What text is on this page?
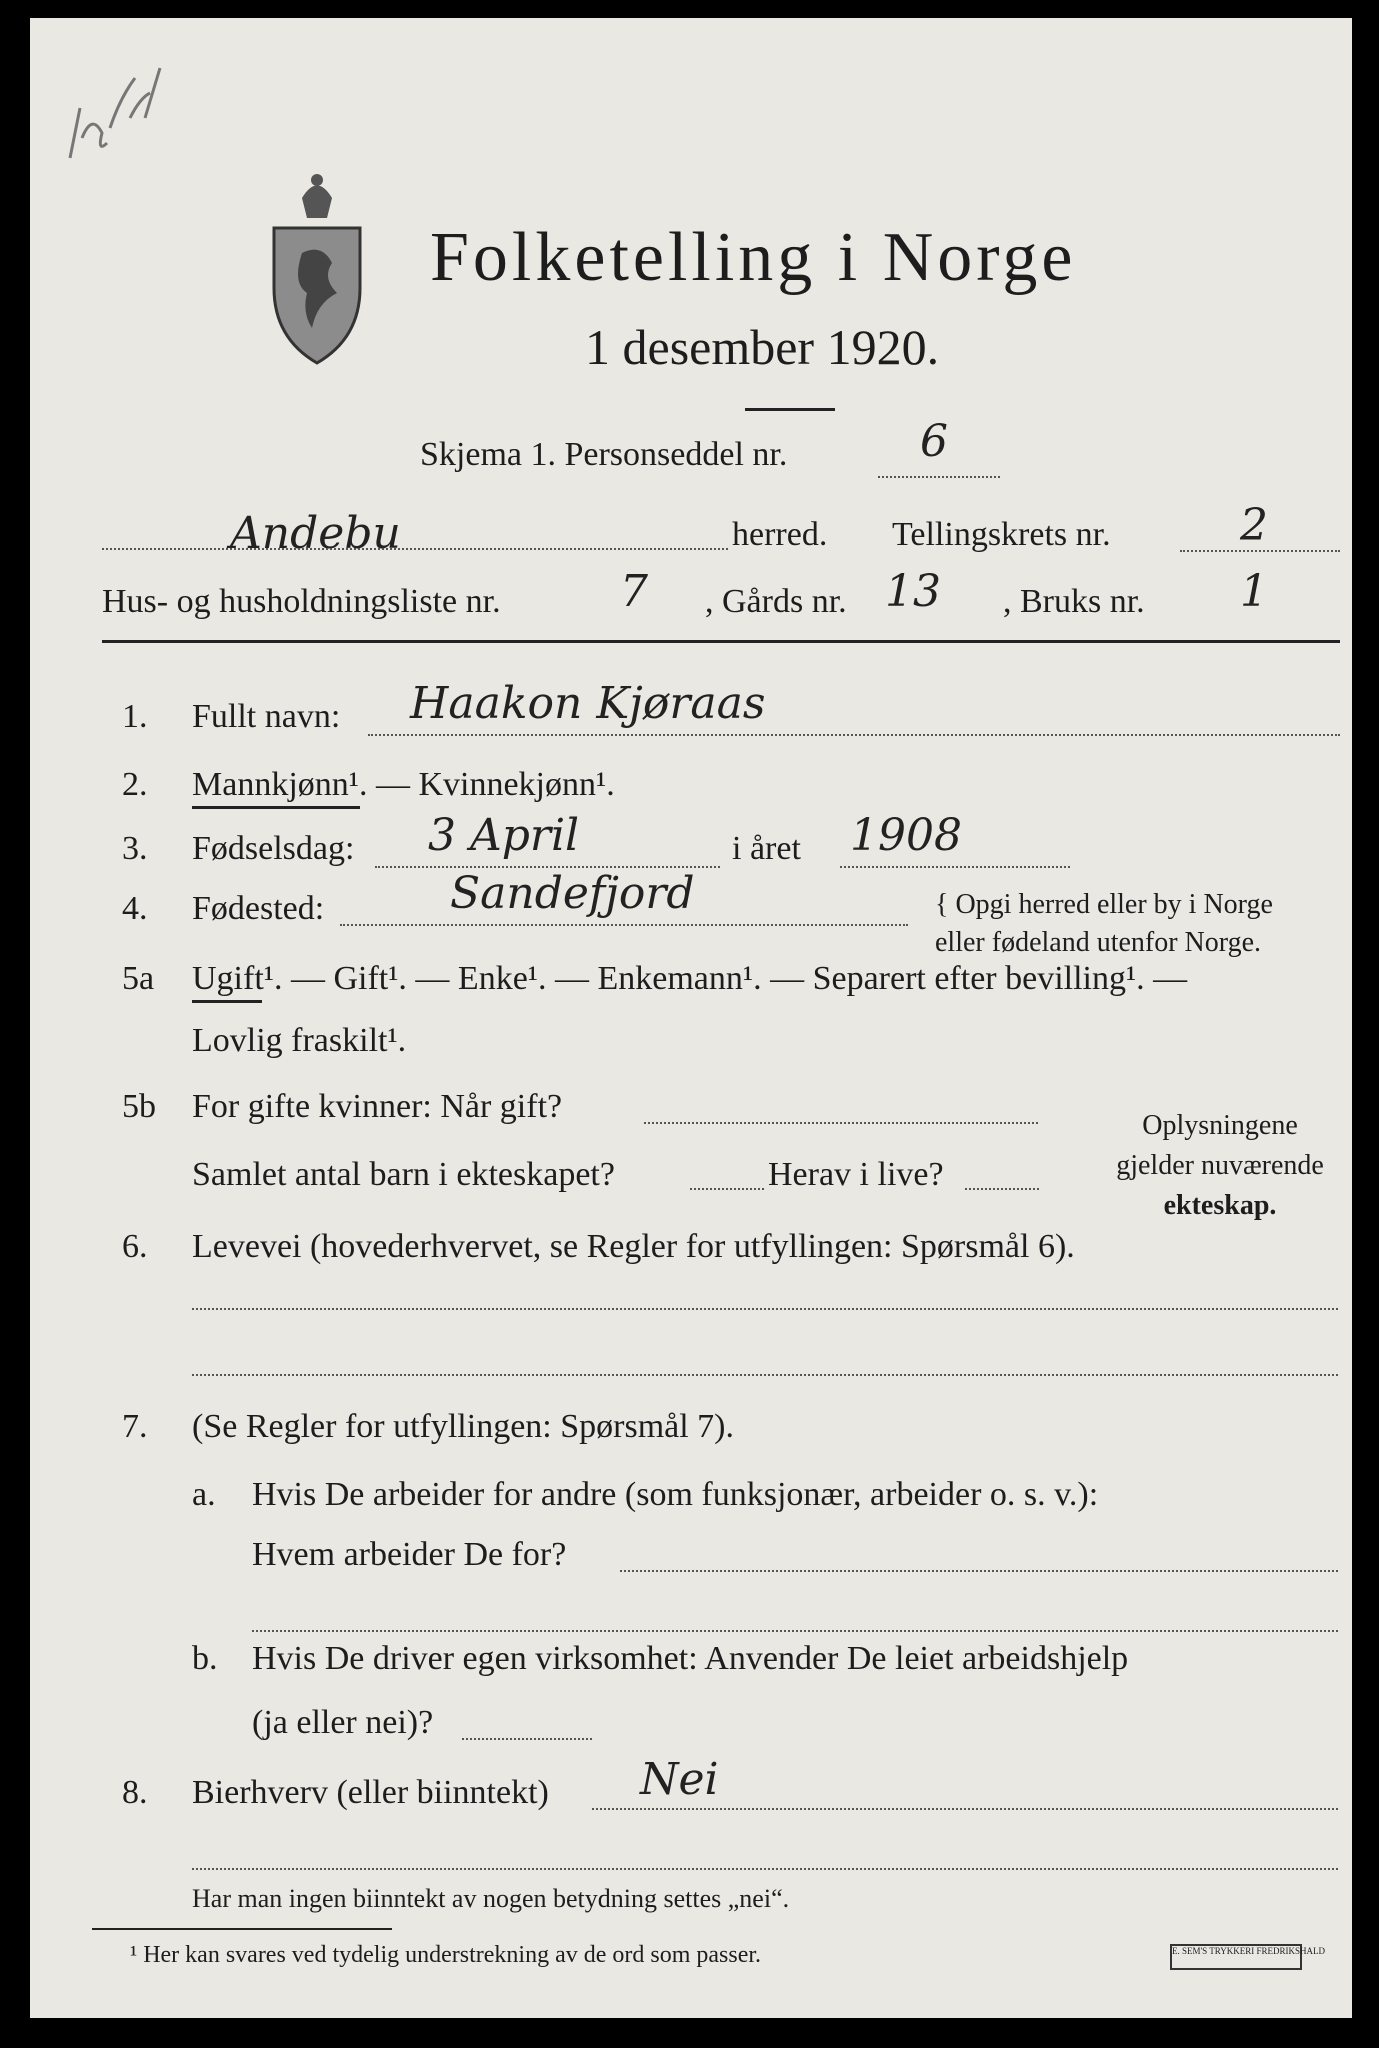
Folketelling i Norge
1 desember 1920.
Skjema 1. Personseddel nr.	6
Andebu	herred. Tellingskrets nr.	2
Hus- og husholdningsliste nr.	7 , Gårds nr. 13 , Bruks nr. 1
1. Fullt navn: Haakon Kjøraas
2. Mannkjønn¹. — Kvinnekjønn¹.
3. Fødselsdag: 3 April	i året 1908
4. Fødested:	Sandefjord	{ Opgi herred eller by i Norge
eller fødeland utenfor Norge.
5a Ugift¹. — Gift¹. — Enke¹. — Enkemann¹. — Separert efter bevilling¹. —
Lovlig fraskilt¹.
5b For gifte kvinner: Når gift?
Samlet antal barn i ekteskapet?	Herav i live?
Oplysningene
gjelder nuværende
ekteskap.
6. Levevei (hovederhvervet, se Regler for utfyllingen: Spørsmål 6).
7. (Se Regler for utfyllingen: Spørsmål 7).
a. Hvis De arbeider for andre (som funksjonær, arbeider o. s. v.):
Hvem arbeider De for?
b. Hvis De driver egen virksomhet: Anvender De leiet arbeidshjelp
(ja eller nei)?
8. Bierhverv (eller biinntekt) Nei
Har man ingen biinntekt av nogen betydning settes „nei“.
¹ Her kan svares ved tydelig understrekning av de ord som passer.	E. SEM'S TRYKKERI FREDRIKSHALD
